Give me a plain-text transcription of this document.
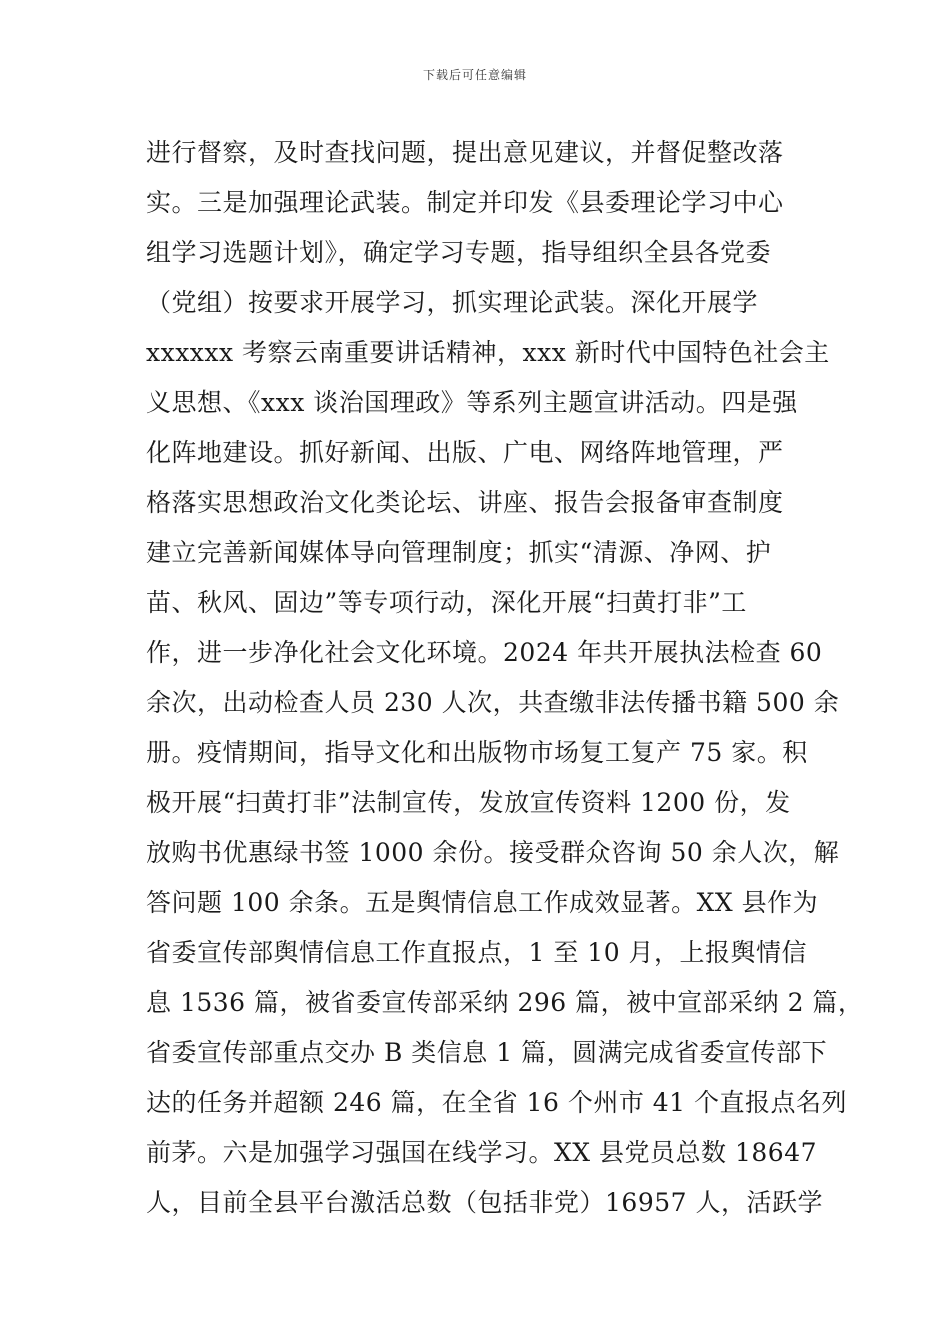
下载后可任意编辑
进行督察，及时查找问题，提出意见建议，并督促整改落
实。三是加强理论武装。制定并印发《县委理论学习中心
组学习选题计划》，确定学习专题，指导组织全县各党委
（党组）按要求开展学习，抓实理论武装。深化开展学
xxxxxx 考察云南重要讲话精神，xxx 新时代中国特色社会主
义思想、《xxx 谈治国理政》等系列主题宣讲活动。四是强
化阵地建设。抓好新闻、出版、广电、网络阵地管理，严
格落实思想政治文化类论坛、讲座、报告会报备审查制度
建立完善新闻媒体导向管理制度；抓实“清源、净网、护
苗、秋风、固边”等专项行动，深化开展“扫黄打非”工
作，进一步净化社会文化环境。2024 年共开展执法检查 60
余次，出动检查人员 230 人次，共查缴非法传播书籍 500 余
册。疫情期间，指导文化和出版物市场复工复产 75 家。积
极开展“扫黄打非”法制宣传，发放宣传资料 1200 份，发
放购书优惠绿书签 1000 余份。接受群众咨询 50 余人次，解
答问题 100 余条。五是舆情信息工作成效显著。XX 县作为
省委宣传部舆情信息工作直报点，1 至 10 月，上报舆情信
息 1536 篇，被省委宣传部采纳 296 篇，被中宣部采纳 2 篇，
省委宣传部重点交办 B 类信息 1 篇，圆满完成省委宣传部下
达的任务并超额 246 篇，在全省 16 个州市 41 个直报点名列
前茅。六是加强学习强国在线学习。XX 县党员总数 18647
人，目前全县平台激活总数（包括非党）16957 人，活跃学
